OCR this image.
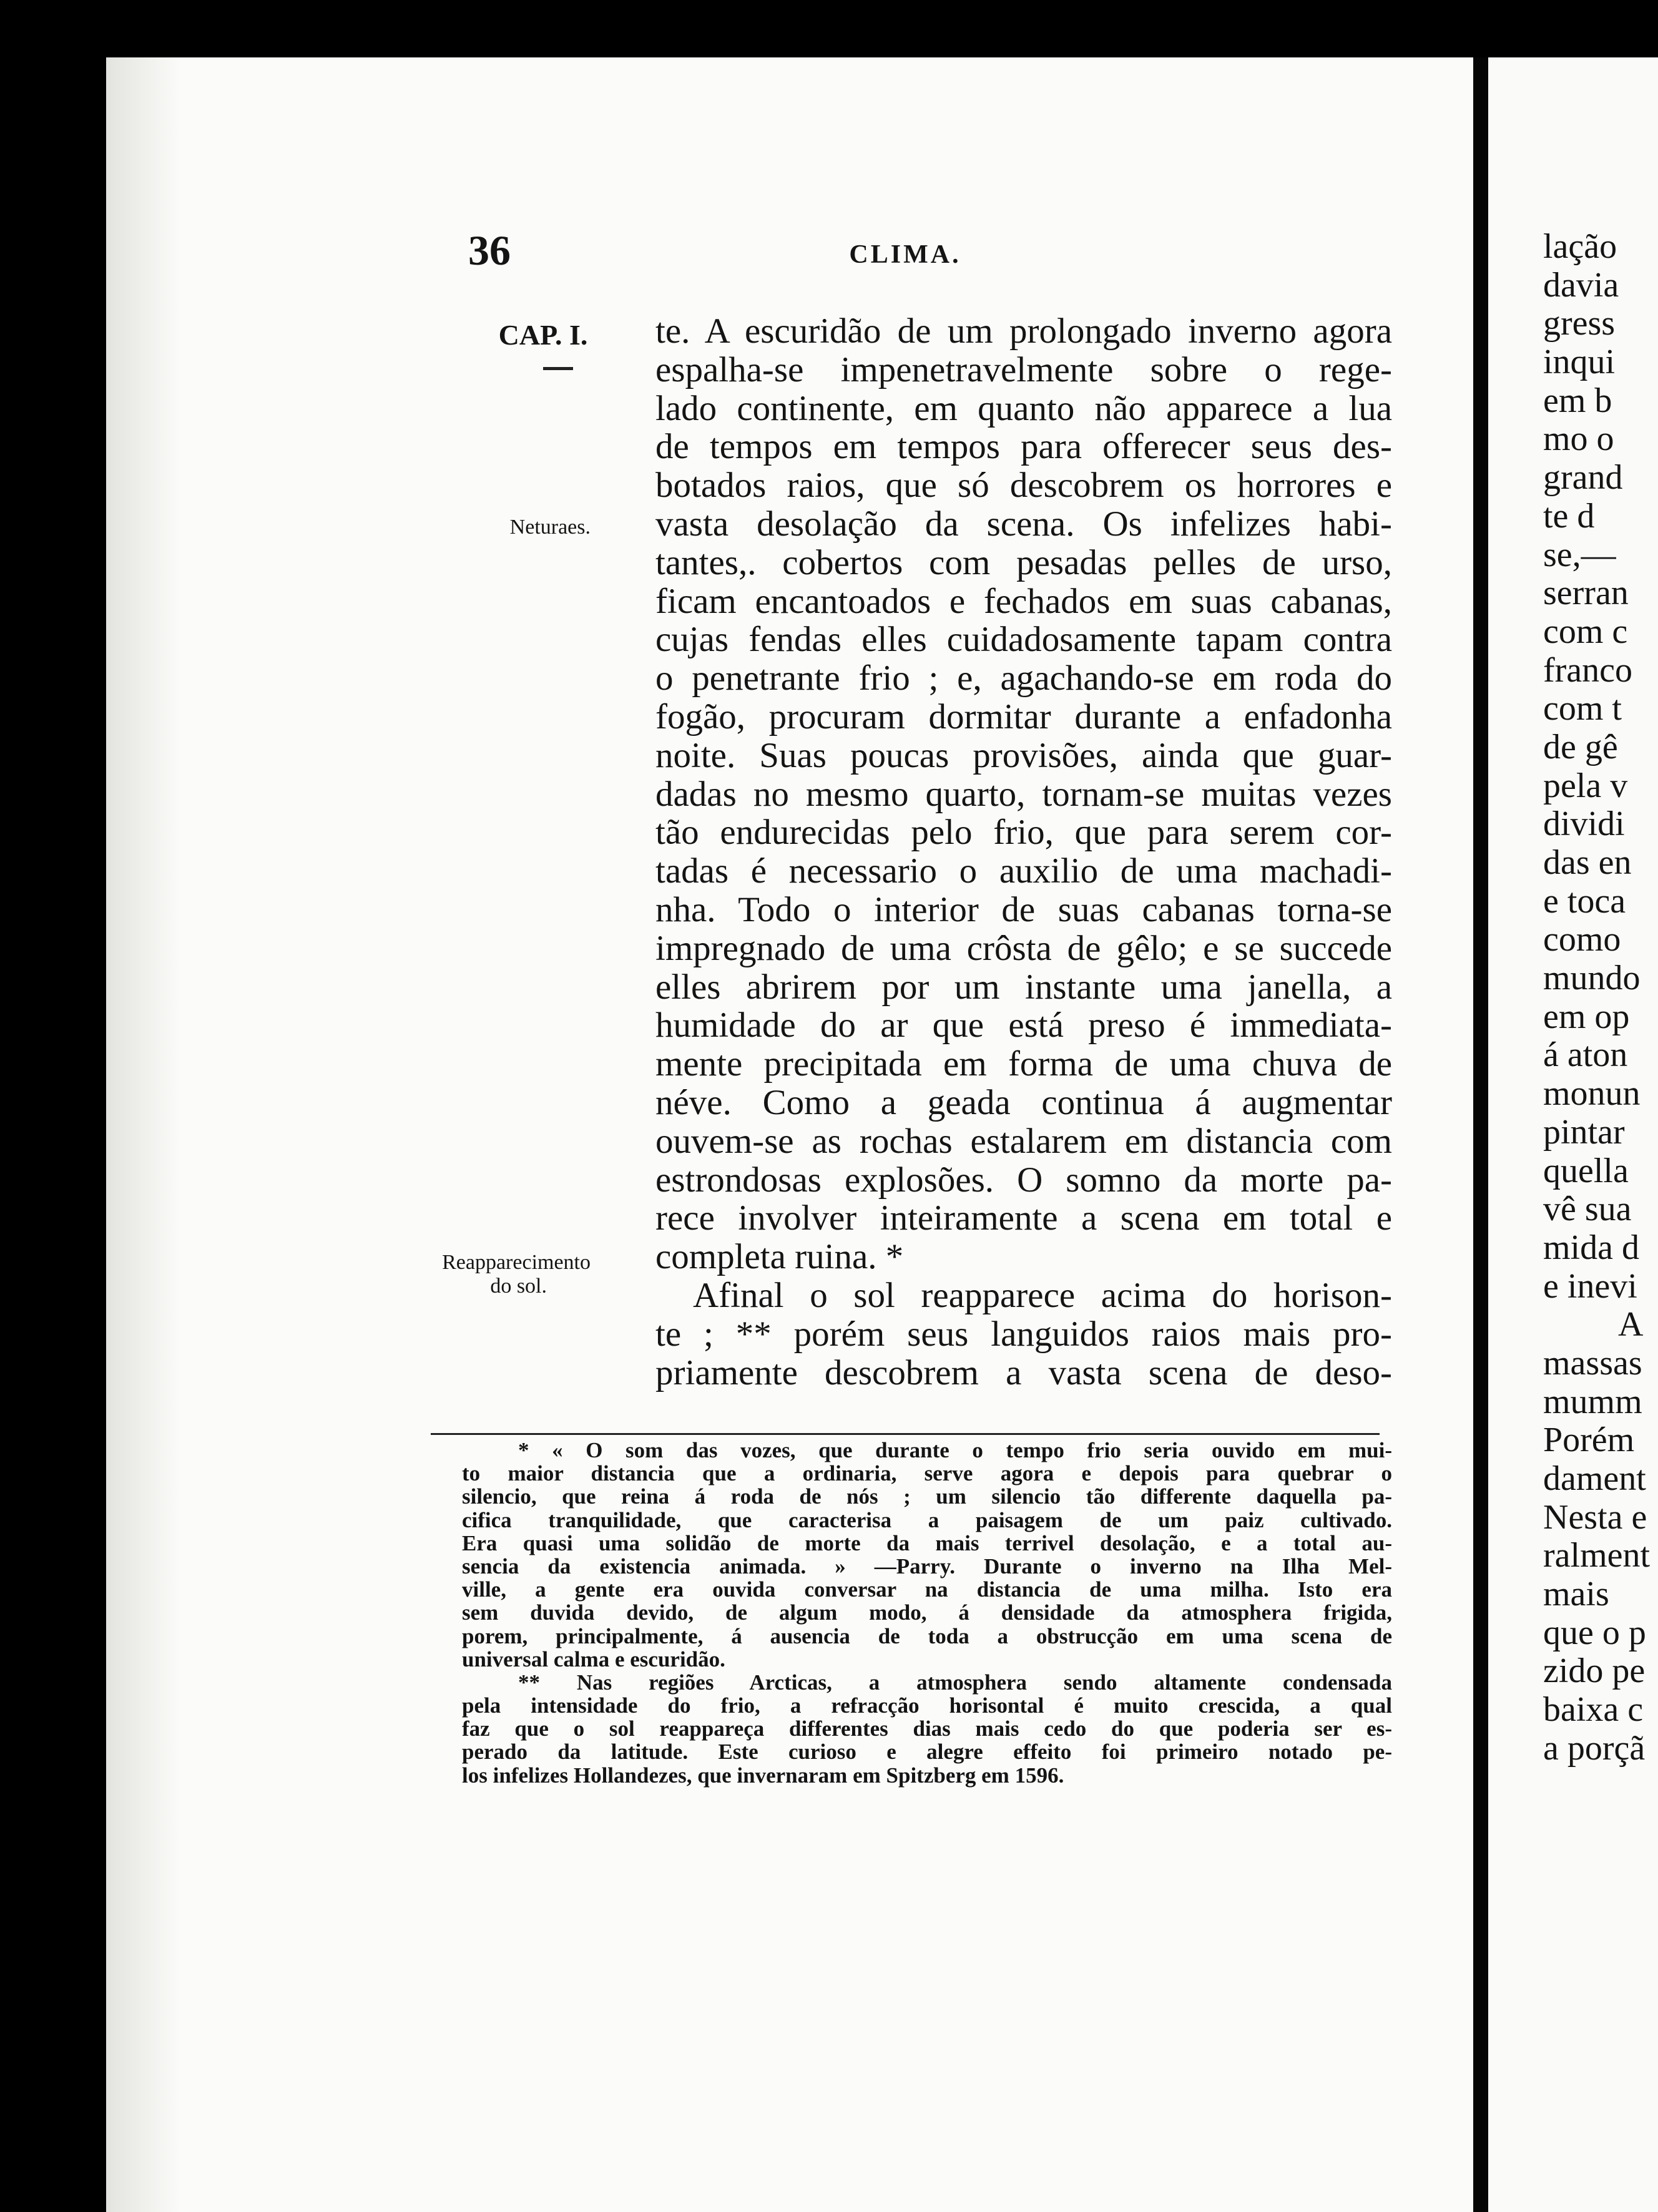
36	CLIMA.
CAP. I.
Neturaes.
Reapparecimento
do sol.
te. A escuridão de um prolongado inverno agora
espalha-se impenetravelmente sobre o rege-
lado continente, em quanto não apparece a lua
de tempos em tempos para offerecer seus des-
botados raios, que só descobrem os horrores e
vasta desolação da scena. Os infelizes habi-
tantes,. cobertos com pesadas pelles de urso,
ficam encantoados e fechados em suas cabanas,
cujas fendas elles cuidadosamente tapam contra
o penetrante frio ; e, agachando-se em roda do
fogão, procuram dormitar durante a enfadonha
noite. Suas poucas provisões, ainda que guar-
dadas no mesmo quarto, tornam-se muitas vezes
tão endurecidas pelo frio, que para serem cor-
tadas é necessario o auxilio de uma machadi-
nha. Todo o interior de suas cabanas torna-se
impregnado de uma crôsta de gêlo; e se succede
elles abrirem por um instante uma janella, a
humidade do ar que está preso é immediata-
mente precipitada em forma de uma chuva de
néve. Como a geada continua á augmentar
ouvem-se as rochas estalarem em distancia com
estrondosas explosões. O somno da morte pa-
rece involver inteiramente a scena em total e
completa ruina. *
Afinal o sol reapparece acima do horison-
te ; ** porém seus languidos raios mais pro-
priamente descobrem a vasta scena de deso-
* « O som das vozes, que durante o tempo frio seria ouvido em mui-
to maior distancia que a ordinaria, serve agora e depois para quebrar o
silencio, que reina á roda de nós ; um silencio tão differente daquella pa-
cifica tranquilidade, que caracterisa a paisagem de um paiz cultivado.
Era quasi uma solidão de morte da mais terrivel desolação, e a total au-
sencia da existencia animada. » —Parry. Durante o inverno na Ilha Mel-
ville, a gente era ouvida conversar na distancia de uma milha. Isto era
sem duvida devido, de algum modo, á densidade da atmosphera frigida,
porem, principalmente, á ausencia de toda a obstrucção em uma scena de
universal calma e escuridão.
** Nas regiões Arcticas, a atmosphera sendo altamente condensada
pela intensidade do frio, a refracção horisontal é muito crescida, a qual
faz que o sol reappareça differentes dias mais cedo do que poderia ser es-
perado da latitude. Este curioso e alegre effeito foi primeiro notado pe-
los infelizes Hollandezes, que invernaram em Spitzberg em 1596.
lação
davia
gress
inqui
em b
mo o
grand
te d
se,—
serran
com c
franco
com t
de gê
pela v
dividi
das en
e toca
como
mundo
em op
á aton
monun
pintar
quella
vê sua
mida d
e inevi
A
massas
mumm
Porém
dament
Nesta e
ralment
mais
que o p
zido pe
baixa c
a porçã
